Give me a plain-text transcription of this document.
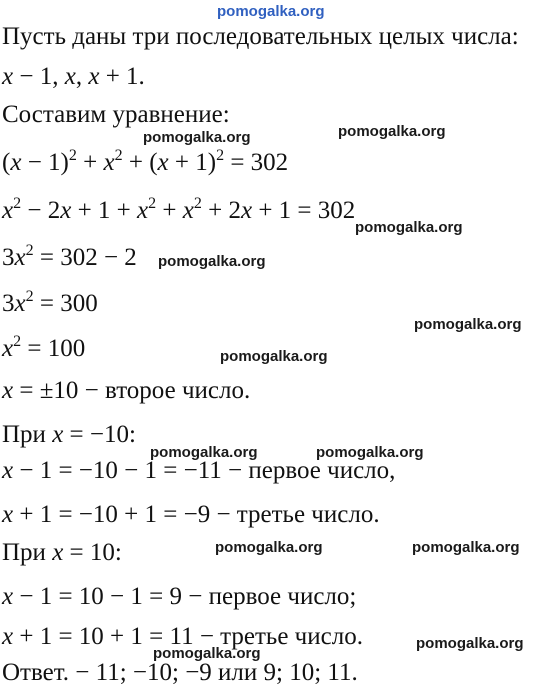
pomogalka.org
Пусть даны три последовательных целых числа:
x − 1, x, x + 1.
Составим уравнение:
pomogalka.org	pomogalka.org
$(x - 1)^2 + x^2 + (x + 1)^2 = 302$
$x^2 - 2x + 1 + x^2 + x^2 + 2x + 1 = 302$
pomogalka.org
$3x^2 = 302 - 2$ pomogalka.org
$3x^2 = 300$
pomogalka.org
$x^2 = 100$	pomogalka.org
x = ±10 − второе число.
При x = −10:
pomogalka.org	pomogalka.org
x − 1 = −10 − 1 = −11 − первое число,
x + 1 = −10 + 1 = −9 − третье число.
При x = 10:	pomogalka.org	pomogalka.org
x − 1 = 10 − 1 = 9 − первое число;
x + 1 = 10 + 1 = 11 − третье число.	pomogalka.org
pomogalka.org
Ответ. − 11; −10; −9 или 9; 10; 11.
